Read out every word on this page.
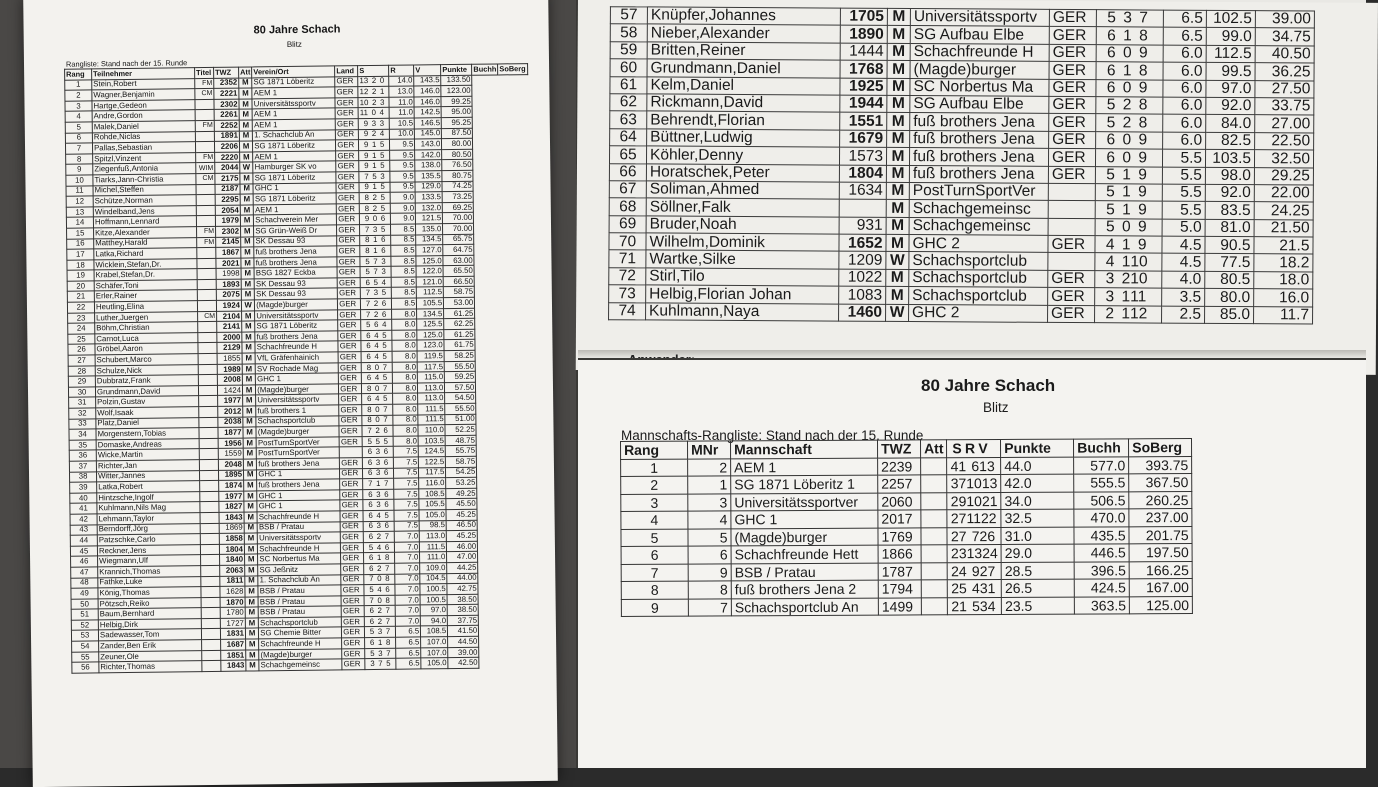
80 Jahre Schach
Blitz
Rangliste: Stand nach der 15. Runde
Rang	Teilnehmer	Titel	TWZ	Att	Verein/Ort	Land	S	R	V	Punkte	Buchh	SoBerg
1	Stein,Robert	FM	2352	M	SG 1871 Löberitz	GER	13 2 0	14.0	143.5	133.50		
2	Wagner,Benjamin	CM	2221	M	AEM 1	GER	12 2 1	13.0	146.0	123.00		
3	Hartge,Gedeon		2302	M	Universitätssportv	GER	10 2 3	11.0	146.0	99.25		
4	Andre,Gordon		2261	M	AEM 1	GER	11 0 4	11.0	142.5	95.00		
5	Malek,Daniel	FM	2252	M	AEM 1	GER	9 3 3	10.5	146.5	95.25		
6	Rohde,Niclas		1891	M	1. Schachclub An	GER	9 2 4	10.0	145.0	87.50		
7	Pallas,Sebastian		2206	M	SG 1871 Löberitz	GER	9 1 5	9.5	143.0	80.00		
8	Spitzl,Vinzent	FM	2220	M	AEM 1	GER	9 1 5	9.5	142.0	80.50		
9	Ziegenfuß,Antonia	WIM	2044	W	Hamburger SK vo	GER	9 1 5	9.5	138.0	76.50		
10	Tiarks,Jann-Christia	CM	2175	M	SG 1871 Löberitz	GER	7 5 3	9.5	135.5	80.75		
11	Michel,Steffen		2187	M	GHC 1	GER	9 1 5	9.5	129.0	74.25		
12	Schütze,Norman		2295	M	SG 1871 Löberitz	GER	8 2 5	9.0	133.5	73.25		
13	Windelband,Jens		2054	M	AEM 1	GER	8 2 5	9.0	132.0	69.25		
14	Hoffmann,Lennard		1979	M	Schachverein Mer	GER	9 0 6	9.0	121.5	70.00		
15	Kitze,Alexander	FM	2302	M	SG Grün-Weiß Dr	GER	7 3 5	8.5	135.0	70.00		
16	Matthey,Harald	FM	2145	M	SK Dessau 93	GER	8 1 6	8.5	134.5	65.75		
17	Latka,Richard		1867	M	fuß brothers Jena	GER	8 1 6	8.5	127.0	64.75		
18	Wicklein,Stefan,Dr.		2021	M	fuß brothers Jena	GER	5 7 3	8.5	125.0	63.00		
19	Krabel,Stefan,Dr.		1998	M	BSG 1827 Eckba	GER	5 7 3	8.5	122.0	65.50		
20	Schäfer,Toni		1893	M	SK Dessau 93	GER	6 5 4	8.5	121.0	66.50		
21	Erler,Rainer		2075	M	SK Dessau 93	GER	7 3 5	8.5	112.5	58.75		
22	Heutling,Elina		1924	W	(Magde)burger	GER	7 2 6	8.5	105.5	53.00		
23	Luther,Juergen	CM	2104	M	Universitätssportv	GER	7 2 6	8.0	134.5	61.25		
24	Böhm,Christian		2141	M	SG 1871 Löberitz	GER	5 6 4	8.0	125.5	62.25		
25	Carnot,Luca		2000	M	fuß brothers Jena	GER	6 4 5	8.0	125.0	61.25		
26	Gröbel,Aaron		2129	M	Schachfreunde H	GER	6 4 5	8.0	123.0	61.75		
27	Schubert,Marco		1855	M	VfL Gräfenhainich	GER	6 4 5	8.0	119.5	58.25		
28	Schulze,Nick		1989	M	SV Rochade Mag	GER	8 0 7	8.0	117.5	55.50		
29	Dubbratz,Frank		2008	M	GHC 1	GER	6 4 5	8.0	115.0	59.25		
30	Grundmann,David		1424	M	(Magde)burger	GER	8 0 7	8.0	113.0	57.50		
31	Polzin,Gustav		1977	M	Universitätssportv	GER	6 4 5	8.0	113.0	54.50		
32	Wolf,Isaak		2012	M	fuß brothers 1	GER	8 0 7	8.0	111.5	55.50		
33	Platz,Daniel		2038	M	Schachsportclub	GER	8 0 7	8.0	111.5	51.00		
34	Morgenstern,Tobias		1877	M	(Magde)burger	GER	7 2 6	8.0	110.0	52.25		
35	Domaske,Andreas		1956	M	PostTurnSportVer	GER	5 5 5	8.0	103.5	48.75		
36	Wicke,Martin		1559	M	PostTurnSportVer		6 3 6	7.5	124.5	55.75		
37	Richter,Jan		2048	M	fuß brothers Jena	GER	6 3 6	7.5	122.5	58.75		
38	Witter,Jannes		1895	M	GHC 1	GER	6 3 6	7.5	117.5	54.25		
39	Latka,Robert		1874	M	fuß brothers Jena	GER	7 1 7	7.5	116.0	53.25		
40	Hintzsche,Ingolf		1977	M	GHC 1	GER	6 3 6	7.5	108.5	49.25		
41	Kuhlmann,Nils Mag		1827	M	GHC 1	GER	6 3 6	7.5	105.5	45.50		
42	Lehmann,Taylor		1843	M	Schachfreunde H	GER	6 4 5	7.5	105.0	45.25		
43	Berndorff,Jörg		1869	M	BSB / Pratau	GER	6 3 6	7.5	98.5	46.50		
44	Patzschke,Carlo		1858	M	Universitätssportv	GER	6 2 7	7.0	113.0	45.25		
45	Reckner,Jens		1804	M	Schachfreunde H	GER	5 4 6	7.0	111.5	46.00		
46	Wiegmann,Ulf		1840	M	SC Norbertus Ma	GER	6 1 8	7.0	111.0	47.00		
47	Krannich,Thomas		2063	M	SG Jeßnitz	GER	6 2 7	7.0	109.0	44.25		
48	Fathke,Luke		1811	M	1. Schachclub An	GER	7 0 8	7.0	104.5	44.00		
49	König,Thomas		1628	M	BSB / Pratau	GER	5 4 6	7.0	100.5	42.75		
50	Pötzsch,Reiko		1870	M	BSB / Pratau	GER	7 0 8	7.0	100.5	38.50		
51	Baum,Bernhard		1780	M	BSB / Pratau	GER	6 2 7	7.0	97.0	38.50		
52	Helbig,Dirk		1727	M	Schachsportclub	GER	6 2 7	7.0	94.0	37.75		
53	Sadewasser,Tom		1831	M	SG Chemie Bitter	GER	5 3 7	6.5	108.5	41.50		
54	Zander,Ben Erik		1687	M	Schachfreunde H	GER	6 1 8	6.5	107.0	44.50		
55	Zeuner,Ole		1851	M	(Magde)burger	GER	5 3 7	6.5	107.0	39.00		
56	Richter,Thomas		1843	M	Schachgemeinsc	GER	3 7 5	6.5	105.0	42.50		
57	Knüpfer,Johannes	1705	M	Universitätssportv	GER	5 3 7	6.5	102.5	39.00
58	Nieber,Alexander	1890	M	SG Aufbau Elbe	GER	6 1 8	6.5	99.0	34.75
59	Britten,Reiner	1444	M	Schachfreunde H	GER	6 0 9	6.0	112.5	40.50
60	Grundmann,Daniel	1768	M	(Magde)burger	GER	6 1 8	6.0	99.5	36.25
61	Kelm,Daniel	1925	M	SC Norbertus Ma	GER	6 0 9	6.0	97.0	27.50
62	Rickmann,David	1944	M	SG Aufbau Elbe	GER	5 2 8	6.0	92.0	33.75
63	Behrendt,Florian	1551	M	fuß brothers Jena	GER	5 2 8	6.0	84.0	27.00
64	Büttner,Ludwig	1679	M	fuß brothers Jena	GER	6 0 9	6.0	82.5	22.50
65	Köhler,Denny	1573	M	fuß brothers Jena	GER	6 0 9	5.5	103.5	32.50
66	Horatschek,Peter	1804	M	fuß brothers Jena	GER	5 1 9	5.5	98.0	29.25
67	Soliman,Ahmed	1634	M	PostTurnSportVer		5 1 9	5.5	92.0	22.00
68	Söllner,Falk		M	Schachgemeinsc		5 1 9	5.5	83.5	24.25
69	Bruder,Noah	931	M	Schachgemeinsc		5 0 9	5.0	81.0	21.50
70	Wilhelm,Dominik	1652	M	GHC 2	GER	4 1 9	4.5	90.5	21.5
71	Wartke,Silke	1209	W	Schachsportclub		4 110	4.5	77.5	18.2
72	Stirl,Tilo	1022	M	Schachsportclub	GER	3 210	4.0	80.5	18.0
73	Helbig,Florian Johan	1083	M	Schachsportclub	GER	3 111	3.5	80.0	16.0
74	Kuhlmann,Naya	1460	W	GHC 2	GER	2 112	2.5	85.0	11.7
80 Jahre Schach
Blitz
Mannschafts-Rangliste: Stand nach der 15. Runde
Rang	MNr	Mannschaft	TWZ	Att	S R V	Punkte	Buchh	SoBerg
1	2	AEM 1	2239		41 613	44.0	577.0	393.75
2	1	SG 1871 Löberitz 1	2257		371013	42.0	555.5	367.50
3	3	Universitätssportver	2060		291021	34.0	506.5	260.25
4	4	GHC 1	2017		271122	32.5	470.0	237.00
5	5	(Magde)burger	1769		27 726	31.0	435.5	201.75
6	6	Schachfreunde Hett	1866		231324	29.0	446.5	197.50
7	9	BSB / Pratau	1787		24 927	28.5	396.5	166.25
8	8	fuß brothers Jena 2	1794		25 431	26.5	424.5	167.00
9	7	Schachsportclub An	1499		21 534	23.5	363.5	125.00
